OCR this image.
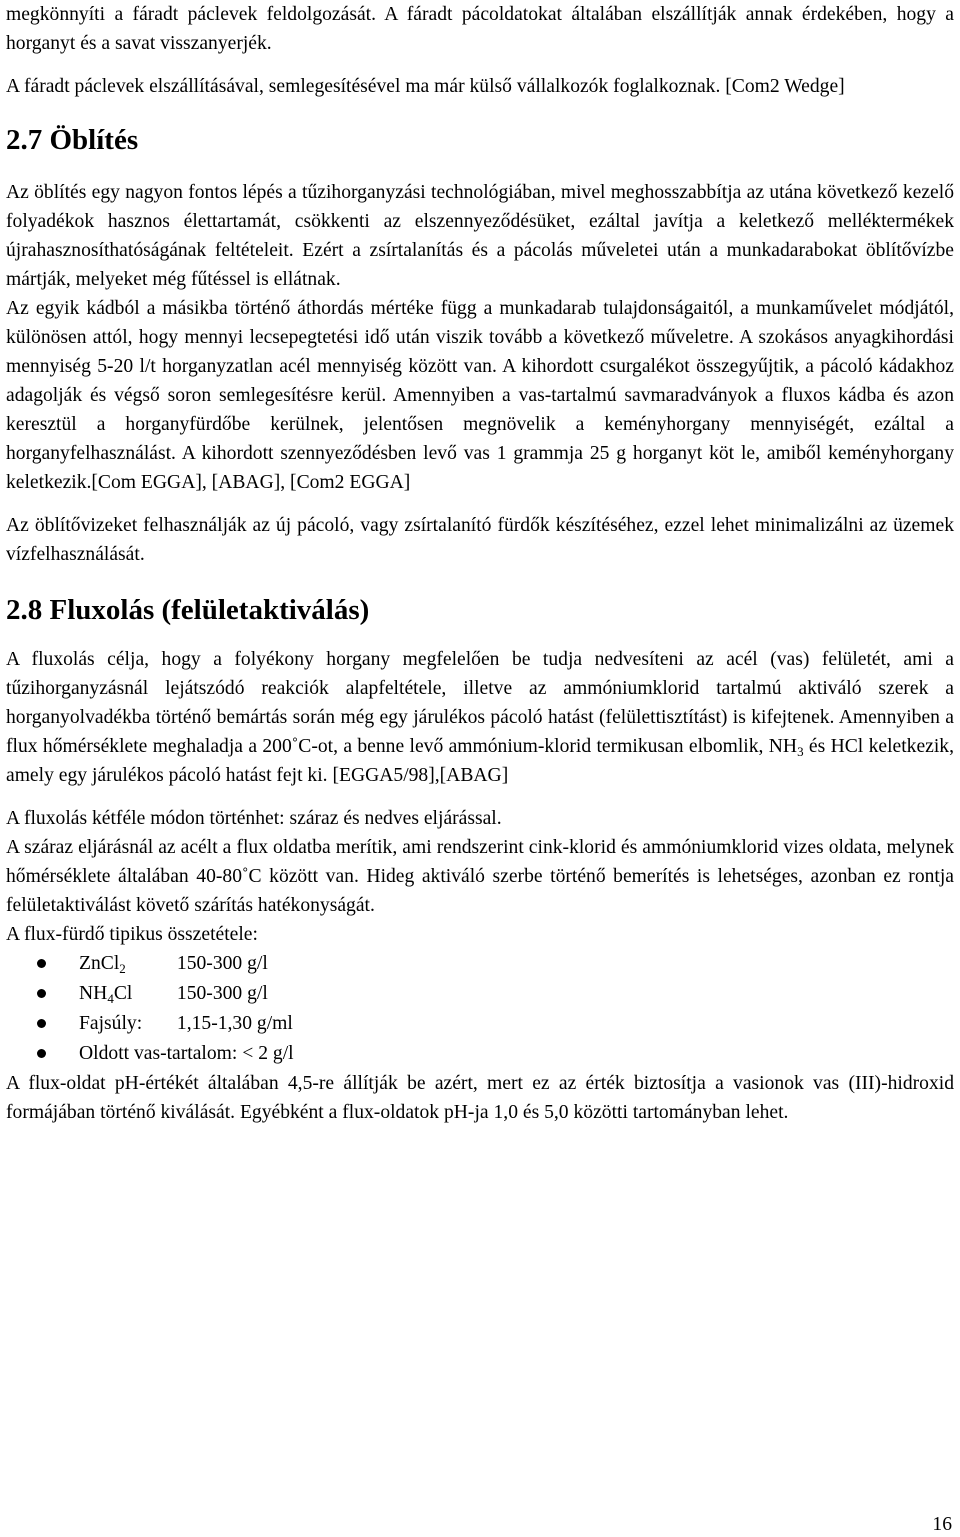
megkönnyíti a fáradt páclevek feldolgozását. A fáradt pácoldatokat általában elszállítják annak érdekében, hogy a horganyt és a savat visszanyerjék.

A fáradt páclevek elszállításával, semlegesítésével ma már külső vállalkozók foglalkoznak. [Com2 Wedge]

2.7 Öblítés

Az öblítés egy nagyon fontos lépés a tűzihorganyzási technológiában, mivel meghosszabbítja az utána következő kezelő folyadékok hasznos élettartamát, csökkenti az elszennyeződésüket, ezáltal javítja a keletkező melléktermékek újrahasznosíthatóságának feltételeit. Ezért a zsírtalanítás és a pácolás műveletei után a munkadarabokat öblítővízbe mártják, melyeket még fűtéssel is ellátnak.

Az egyik kádból a másikba történő áthordás mértéke függ a munkadarab tulajdonságaitól, a munkaművelet módjától, különösen attól, hogy mennyi lecsepegtetési idő után viszik tovább a következő műveletre. A szokásos anyagkihordási mennyiség 5-20 l/t horganyzatlan acél mennyiség között van. A kihordott csurgalékot összegyűjtik, a pácoló kádakhoz adagolják és végső soron semlegesítésre kerül. Amennyiben a vas-tartalmú savmaradványok a fluxos kádba és azon keresztül a horganyfürdőbe kerülnek, jelentősen megnövelik a keményhorgany mennyiségét, ezáltal a horganyfelhasználást. A kihordott szennyeződésben levő vas 1 grammja 25 g horganyt köt le, amiből keményhorgany keletkezik.[Com EGGA], [ABAG], [Com2 EGGA]

Az öblítővizeket felhasználják az új pácoló, vagy zsírtalanító fürdők készítéséhez, ezzel lehet minimalizálni az üzemek vízfelhasználását.

2.8 Fluxolás (felületaktiválás)

A fluxolás célja, hogy a folyékony horgany megfelelően be tudja nedvesíteni az acél (vas) felületét, ami a tűzihorganyzásnál lejátszódó reakciók alapfeltétele, illetve az ammóniumklorid tartalmú aktiváló szerek a horganyolvadékba történő bemártás során még egy járulékos pácoló hatást (felülettisztítást) is kifejtenek. Amennyiben a flux hőmérséklete meghaladja a 200˚C-ot, a benne levő ammónium-klorid termikusan elbomlik, $NH_3$ és HCl keletkezik, amely egy járulékos pácoló hatást fejt ki. [EGGA5/98],[ABAG]

A fluxolás kétféle módon történhet: száraz és nedves eljárással.

A száraz eljárásnál az acélt a flux oldatba merítik, ami rendszerint cink-klorid és ammóniumklorid vizes oldata, melynek hőmérséklete általában 40-80˚C között van. Hideg aktiváló szerbe történő bemerítés is lehetséges, azonban ez rontja felületaktiválást követő szárítás hatékonyságát.

A flux-fürdő tipikus összetétele:

ZnCl$_2$	150-300 g/l
$NH_4Cl$ 150-300 g/l
Fajsúly: 1,15-1,30 g/ml
Oldott vas-tartalom: < 2 g/l

A flux-oldat pH-értékét általában 4,5-re állítják be azért, mert ez az érték biztosítja a vasionok vas (III)-hidroxid formájában történő kiválását. Egyébként a flux-oldatok pH-ja 1,0 és 5,0 közötti tartományban lehet.

16
